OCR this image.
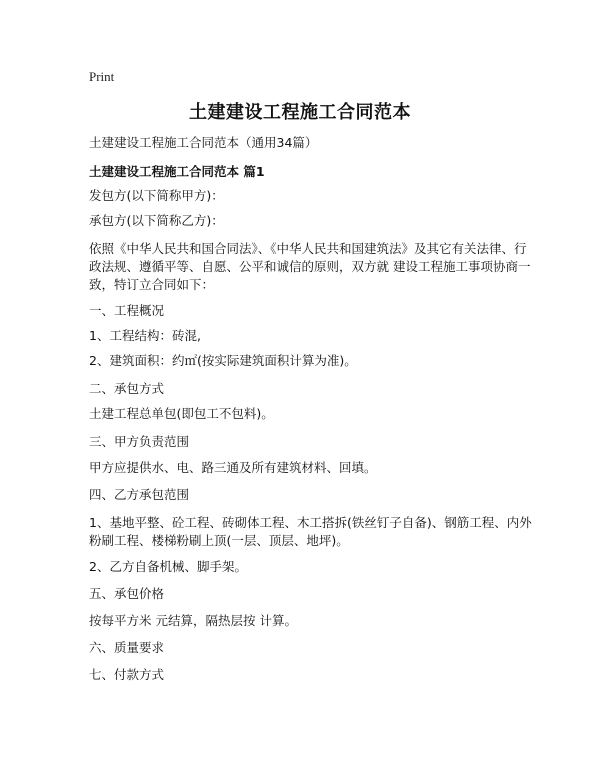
Print
土建建设工程施工合同范本
土建建设工程施工合同范本（通用34篇）
土建建设工程施工合同范本 篇1
发包方(以下简称甲方)：
承包方(以下简称乙方)：
依照《中华人民共和国合同法》、《中华人民共和国建筑法》及其它有关法律、行
政法规、遵循平等、自愿、公平和诚信的原则，双方就 建设工程施工事项协商一
致，特订立合同如下：
一、工程概况
1、工程结构：砖混,
2、建筑面积：约㎡(按实际建筑面积计算为准)。
二、承包方式
土建工程总单包(即包工不包料)。
三、甲方负责范围
甲方应提供水、电、路三通及所有建筑材料、回填。
四、乙方承包范围
1、基地平整、砼工程、砖砌体工程、木工搭拆(铁丝钉子自备)、钢筋工程、内外
粉刷工程、楼梯粉刷上顶(一层、顶层、地坪)。
2、乙方自备机械、脚手架。
五、承包价格
按每平方米 元结算，隔热层按 计算。
六、质量要求
七、付款方式
